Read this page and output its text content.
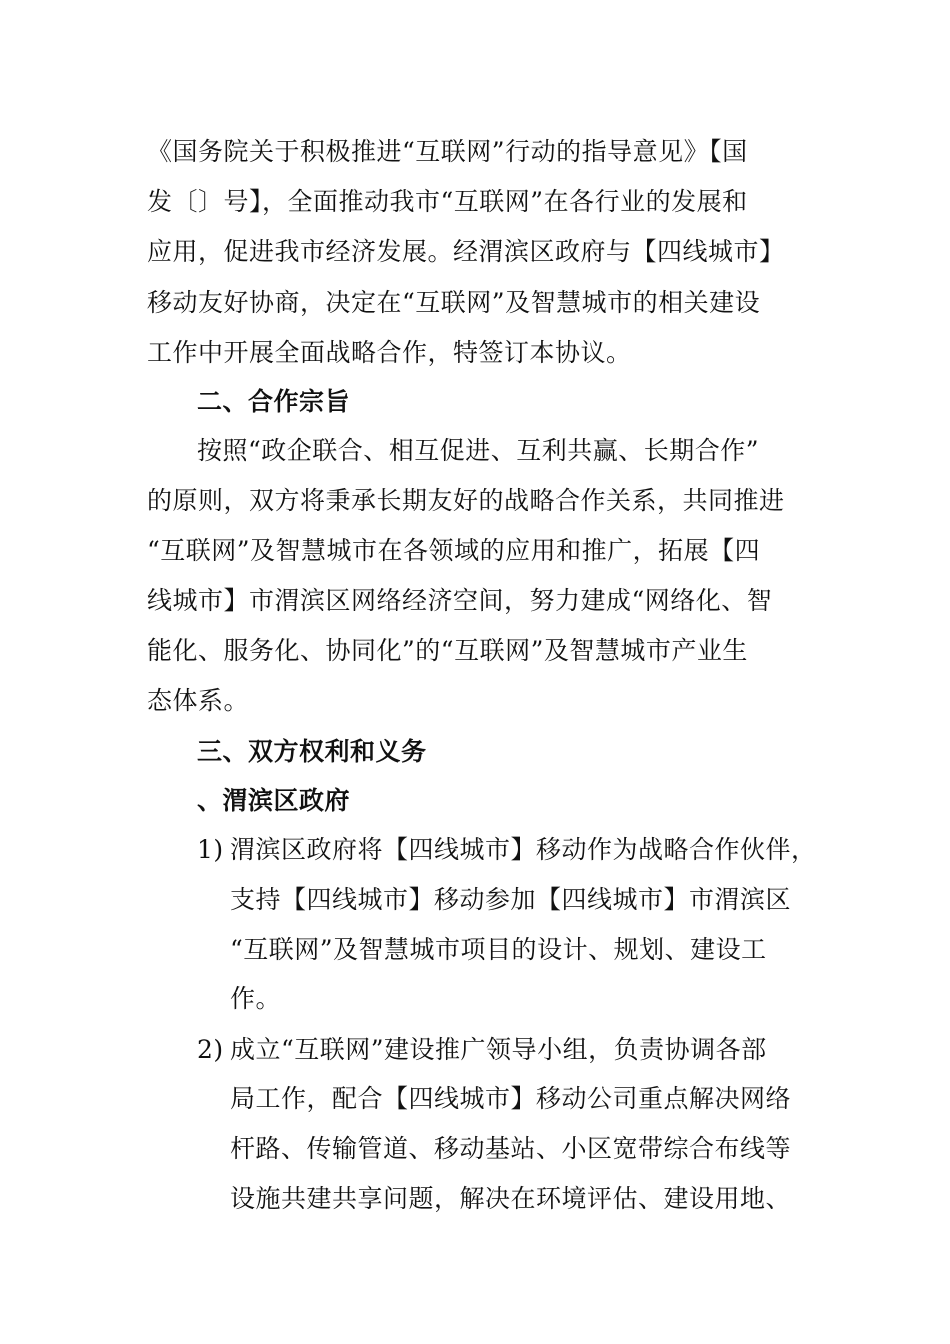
《国务院关于积极推进“互联网”行动的指导意见》【国
发〔〕号】，全面推动我市“互联网”在各行业的发展和
应用，促进我市经济发展。经渭滨区政府与【四线城市】
移动友好协商，决定在“互联网”及智慧城市的相关建设
工作中开展全面战略合作，特签订本协议。
二、合作宗旨
按照“政企联合、相互促进、互利共赢、长期合作”
的原则，双方将秉承长期友好的战略合作关系，共同推进
“互联网”及智慧城市在各领域的应用和推广，拓展【四
线城市】市渭滨区网络经济空间，努力建成“网络化、智
能化、服务化、协同化”的“互联网”及智慧城市产业生
态体系。
三、双方权利和义务
、渭滨区政府
1) 渭滨区政府将【四线城市】移动作为战略合作伙伴，
支持【四线城市】移动参加【四线城市】市渭滨区
“互联网”及智慧城市项目的设计、规划、建设工
作。
2) 成立“互联网”建设推广领导小组，负责协调各部
局工作，配合【四线城市】移动公司重点解决网络
杆路、传输管道、移动基站、小区宽带综合布线等
设施共建共享问题，解决在环境评估、建设用地、
